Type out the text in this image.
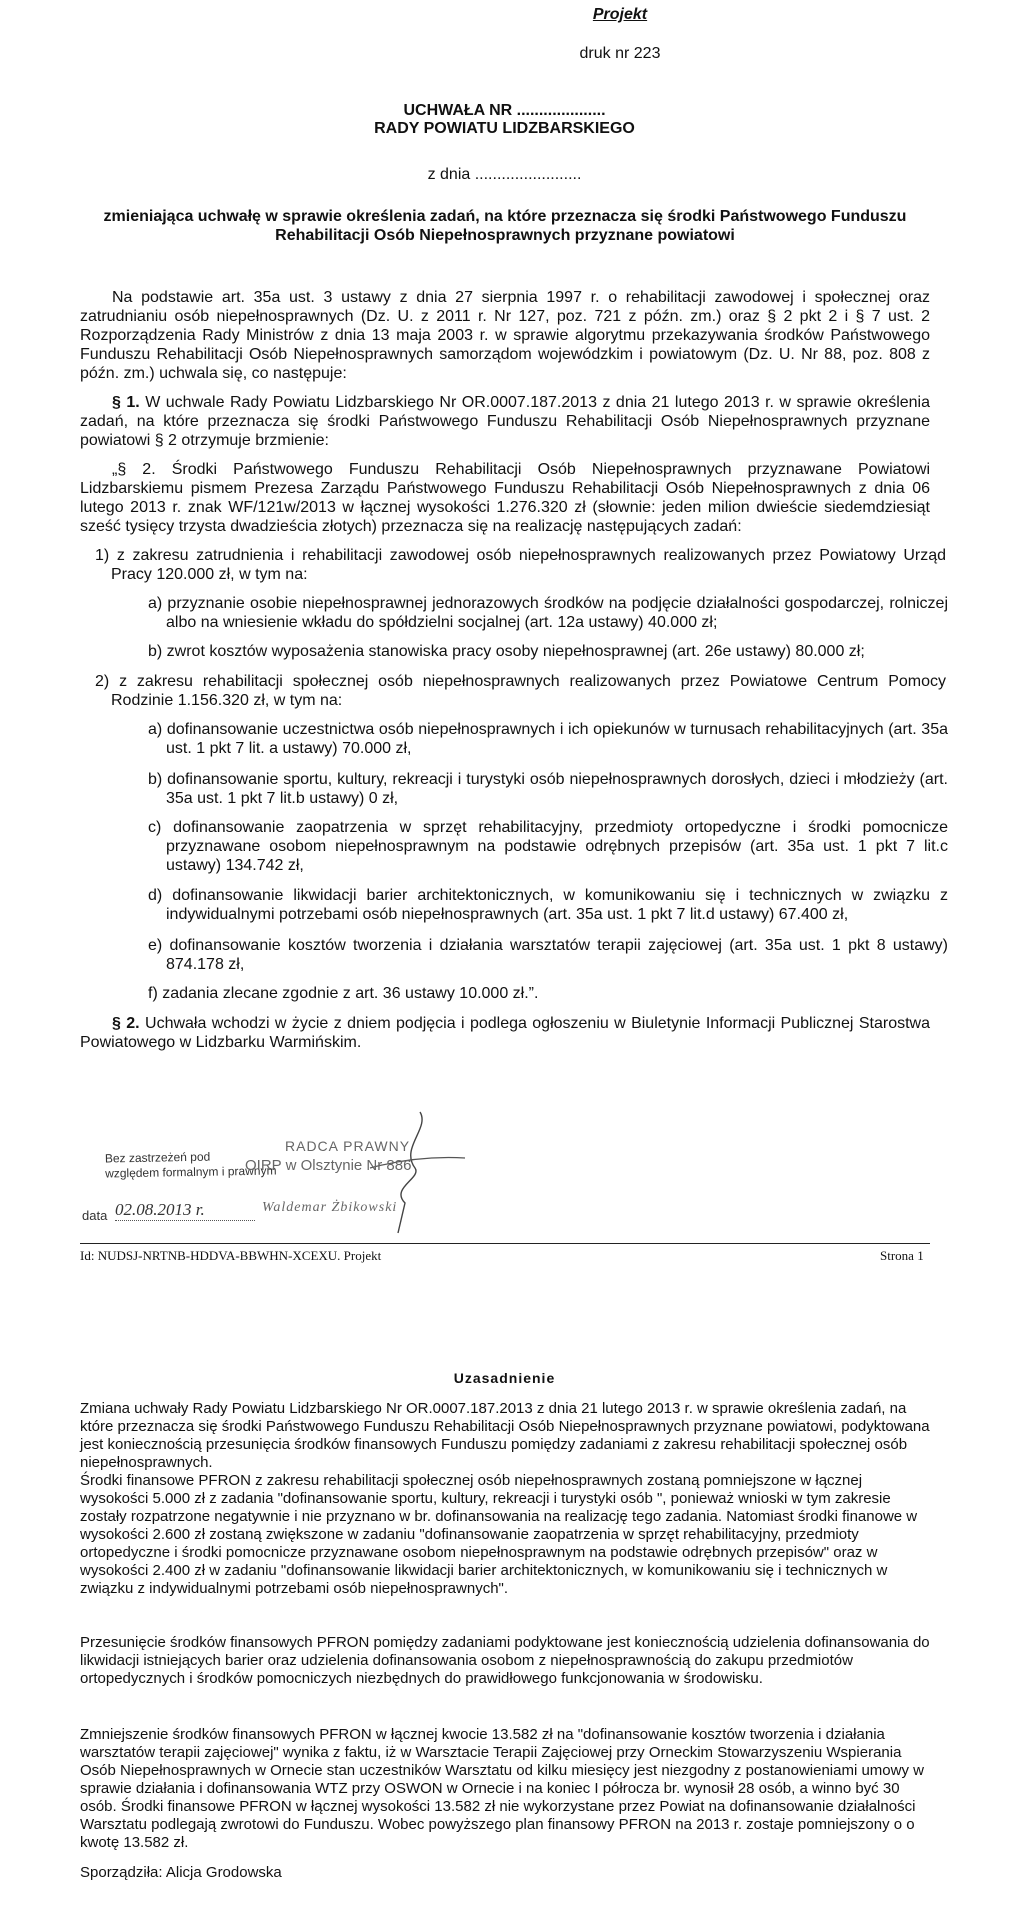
Projekt
druk nr 223
UCHWAŁA NR ....................
RADY POWIATU LIDZBARSKIEGO
z dnia ........................
zmieniająca uchwałę w sprawie określenia zadań, na które przeznacza się środki Państwowego Funduszu Rehabilitacji Osób Niepełnosprawnych przyznane powiatowi
Na podstawie art. 35a ust. 3 ustawy z dnia 27 sierpnia 1997 r. o rehabilitacji zawodowej i społecznej oraz zatrudnianiu osób niepełnosprawnych (Dz. U. z 2011 r. Nr 127, poz. 721 z późn. zm.) oraz § 2 pkt 2 i § 7 ust. 2 Rozporządzenia Rady Ministrów z dnia 13 maja 2003 r. w sprawie algorytmu przekazywania środków Państwowego Funduszu Rehabilitacji Osób Niepełnosprawnych samorządom wojewódzkim i powiatowym (Dz. U. Nr 88, poz. 808 z późn. zm.) uchwala się, co następuje:
§ 1. W uchwale Rady Powiatu Lidzbarskiego Nr OR.0007.187.2013 z dnia 21 lutego 2013 r. w sprawie określenia zadań, na które przeznacza się środki Państwowego Funduszu Rehabilitacji Osób Niepełnosprawnych przyznane powiatowi § 2 otrzymuje brzmienie:
„§ 2. Środki Państwowego Funduszu Rehabilitacji Osób Niepełnosprawnych przyznawane Powiatowi Lidzbarskiemu pismem Prezesa Zarządu Państwowego Funduszu Rehabilitacji Osób Niepełnosprawnych z dnia 06 lutego 2013 r. znak WF/121w/2013 w łącznej wysokości 1.276.320 zł (słownie: jeden milion dwieście siedemdziesiąt sześć tysięcy trzysta dwadzieścia złotych) przeznacza się na realizację następujących zadań:
1) z zakresu zatrudnienia i rehabilitacji zawodowej osób niepełnosprawnych realizowanych przez Powiatowy Urząd Pracy 120.000 zł, w tym na:
a) przyznanie osobie niepełnosprawnej jednorazowych środków na podjęcie działalności gospodarczej, rolniczej albo na wniesienie wkładu do spółdzielni socjalnej (art. 12a ustawy) 40.000 zł;
b) zwrot kosztów wyposażenia stanowiska pracy osoby niepełnosprawnej (art. 26e ustawy) 80.000 zł;
2) z zakresu rehabilitacji społecznej osób niepełnosprawnych realizowanych przez Powiatowe Centrum Pomocy Rodzinie 1.156.320 zł, w tym na:
a) dofinansowanie uczestnictwa osób niepełnosprawnych i ich opiekunów w turnusach rehabilitacyjnych (art. 35a ust. 1 pkt 7 lit. a ustawy) 70.000 zł,
b) dofinansowanie sportu, kultury, rekreacji i turystyki osób niepełnosprawnych dorosłych, dzieci i młodzieży (art. 35a ust. 1 pkt 7 lit.b ustawy) 0 zł,
c) dofinansowanie zaopatrzenia w sprzęt rehabilitacyjny, przedmioty ortopedyczne i środki pomocnicze przyznawane osobom niepełnosprawnym na podstawie odrębnych przepisów (art. 35a ust. 1 pkt 7 lit.c ustawy) 134.742 zł,
d) dofinansowanie likwidacji barier architektonicznych, w komunikowaniu się i technicznych w związku z indywidualnymi potrzebami osób niepełnosprawnych (art. 35a ust. 1 pkt 7 lit.d ustawy) 67.400 zł,
e) dofinansowanie kosztów tworzenia i działania warsztatów terapii zajęciowej (art. 35a ust. 1 pkt 8 ustawy) 874.178 zł,
f) zadania zlecane zgodnie z art. 36 ustawy 10.000 zł.”.
§ 2. Uchwała wchodzi w życie z dniem podjęcia i podlega ogłoszeniu w Biuletynie Informacji Publicznej Starostwa Powiatowego w Lidzbarku Warmińskim.
Bez zastrzeżeń pod
względem formalnym i prawnym
RADCA PRAWNY
OIRP w Olsztynie Nr 886
data 02.08.2013 r.	Waldemar Żbikowski
Id: NUDSJ-NRTNB-HDDVA-BBWHN-XCEXU. Projekt	Strona 1
Uzasadnienie
Zmiana uchwały Rady Powiatu Lidzbarskiego Nr OR.0007.187.2013 z dnia 21 lutego 2013 r. w sprawie określenia zadań, na które przeznacza się środki Państwowego Funduszu Rehabilitacji Osób Niepełnosprawnych przyznane powiatowi, podyktowana jest koniecznością przesunięcia środków finansowych Funduszu pomiędzy zadaniami z zakresu rehabilitacji społecznej osób niepełnosprawnych.
Środki finansowe PFRON z zakresu rehabilitacji społecznej osób niepełnosprawnych zostaną pomniejszone w łącznej wysokości 5.000 zł z zadania "dofinansowanie sportu, kultury, rekreacji i turystyki osób ", ponieważ wnioski w tym zakresie zostały rozpatrzone negatywnie i nie przyznano w br. dofinansowania na realizację tego zadania. Natomiast środki finanowe w wysokości 2.600 zł zostaną zwiększone w zadaniu "dofinansowanie zaopatrzenia w sprzęt rehabilitacyjny, przedmioty ortopedyczne i środki pomocnicze przyznawane osobom niepełnosprawnym na podstawie odrębnych przepisów" oraz w wysokości 2.400 zł w zadaniu "dofinansowanie likwidacji barier architektonicznych, w komunikowaniu się i technicznych w związku z indywidualnymi potrzebami osób niepełnosprawnych".
Przesunięcie środków finansowych PFRON pomiędzy zadaniami podyktowane jest koniecznością udzielenia dofinansowania do likwidacji istniejących barier oraz udzielenia dofinansowania osobom z niepełnosprawnością do zakupu przedmiotów ortopedycznych i środków pomocniczych niezbędnych do prawidłowego funkcjonowania w środowisku.
Zmniejszenie środków finansowych PFRON w łącznej kwocie 13.582 zł na "dofinansowanie kosztów tworzenia i działania warsztatów terapii zajęciowej" wynika z faktu, iż w Warsztacie Terapii Zajęciowej przy Orneckim Stowarzyszeniu Wspierania Osób Niepełnosprawnych w Ornecie stan uczestników Warsztatu od kilku miesięcy jest niezgodny z postanowieniami umowy w sprawie działania i dofinansowania WTZ przy OSWON w Ornecie i na koniec I półrocza br. wynosił 28 osób, a winno być 30 osób. Środki finansowe PFRON w łącznej wysokości 13.582 zł nie wykorzystane przez Powiat na dofinansowanie działalności Warsztatu podlegają zwrotowi do Funduszu. Wobec powyższego plan finansowy PFRON na 2013 r. zostaje pomniejszony o o kwotę 13.582 zł.
Sporządziła: Alicja Grodowska
